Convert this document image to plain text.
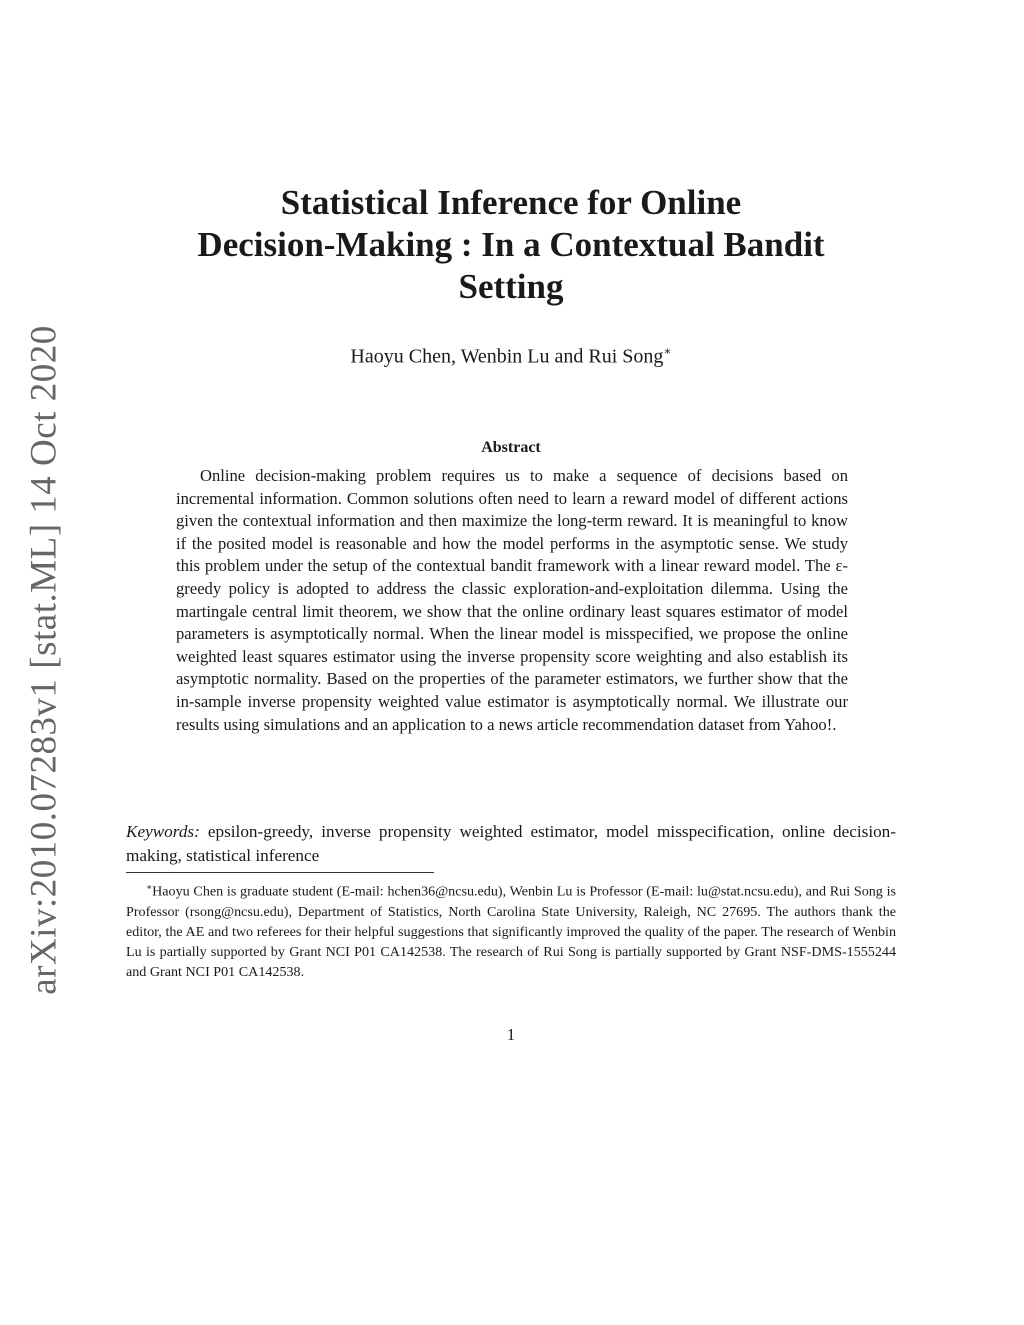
arXiv:2010.07283v1 [stat.ML] 14 Oct 2020
Statistical Inference for Online
Decision-Making : In a Contextual Bandit
Setting
Haoyu Chen, Wenbin Lu and Rui Song∗
Abstract

Online decision-making problem requires us to make a sequence of decisions based on incremental information. Common solutions often need to learn a reward model of different actions given the contextual information and then maximize the long-term reward. It is meaningful to know if the posited model is reasonable and how the model performs in the asymptotic sense. We study this problem under the setup of the contextual bandit framework with a linear reward model. The ε-greedy policy is adopted to address the classic exploration-and-exploitation dilemma. Using the martingale central limit theorem, we show that the online ordinary least squares estimator of model parameters is asymptotically normal. When the linear model is misspecified, we propose the online weighted least squares estimator using the inverse propensity score weighting and also establish its asymptotic normality. Based on the properties of the parameter estimators, we further show that the in-sample inverse propensity weighted value estimator is asymptotically normal. We illustrate our results using simulations and an application to a news article recommendation dataset from Yahoo!.

Keywords: epsilon-greedy, inverse propensity weighted estimator, model misspecification, online decision-making, statistical inference

∗Haoyu Chen is graduate student (E-mail: hchen36@ncsu.edu), Wenbin Lu is Professor (E-mail: lu@stat.ncsu.edu), and Rui Song is Professor (rsong@ncsu.edu), Department of Statistics, North Carolina State University, Raleigh, NC 27695. The authors thank the editor, the AE and two referees for their helpful suggestions that significantly improved the quality of the paper. The research of Wenbin Lu is partially supported by Grant NCI P01 CA142538. The research of Rui Song is partially supported by Grant NSF-DMS-1555244 and Grant NCI P01 CA142538.

1
